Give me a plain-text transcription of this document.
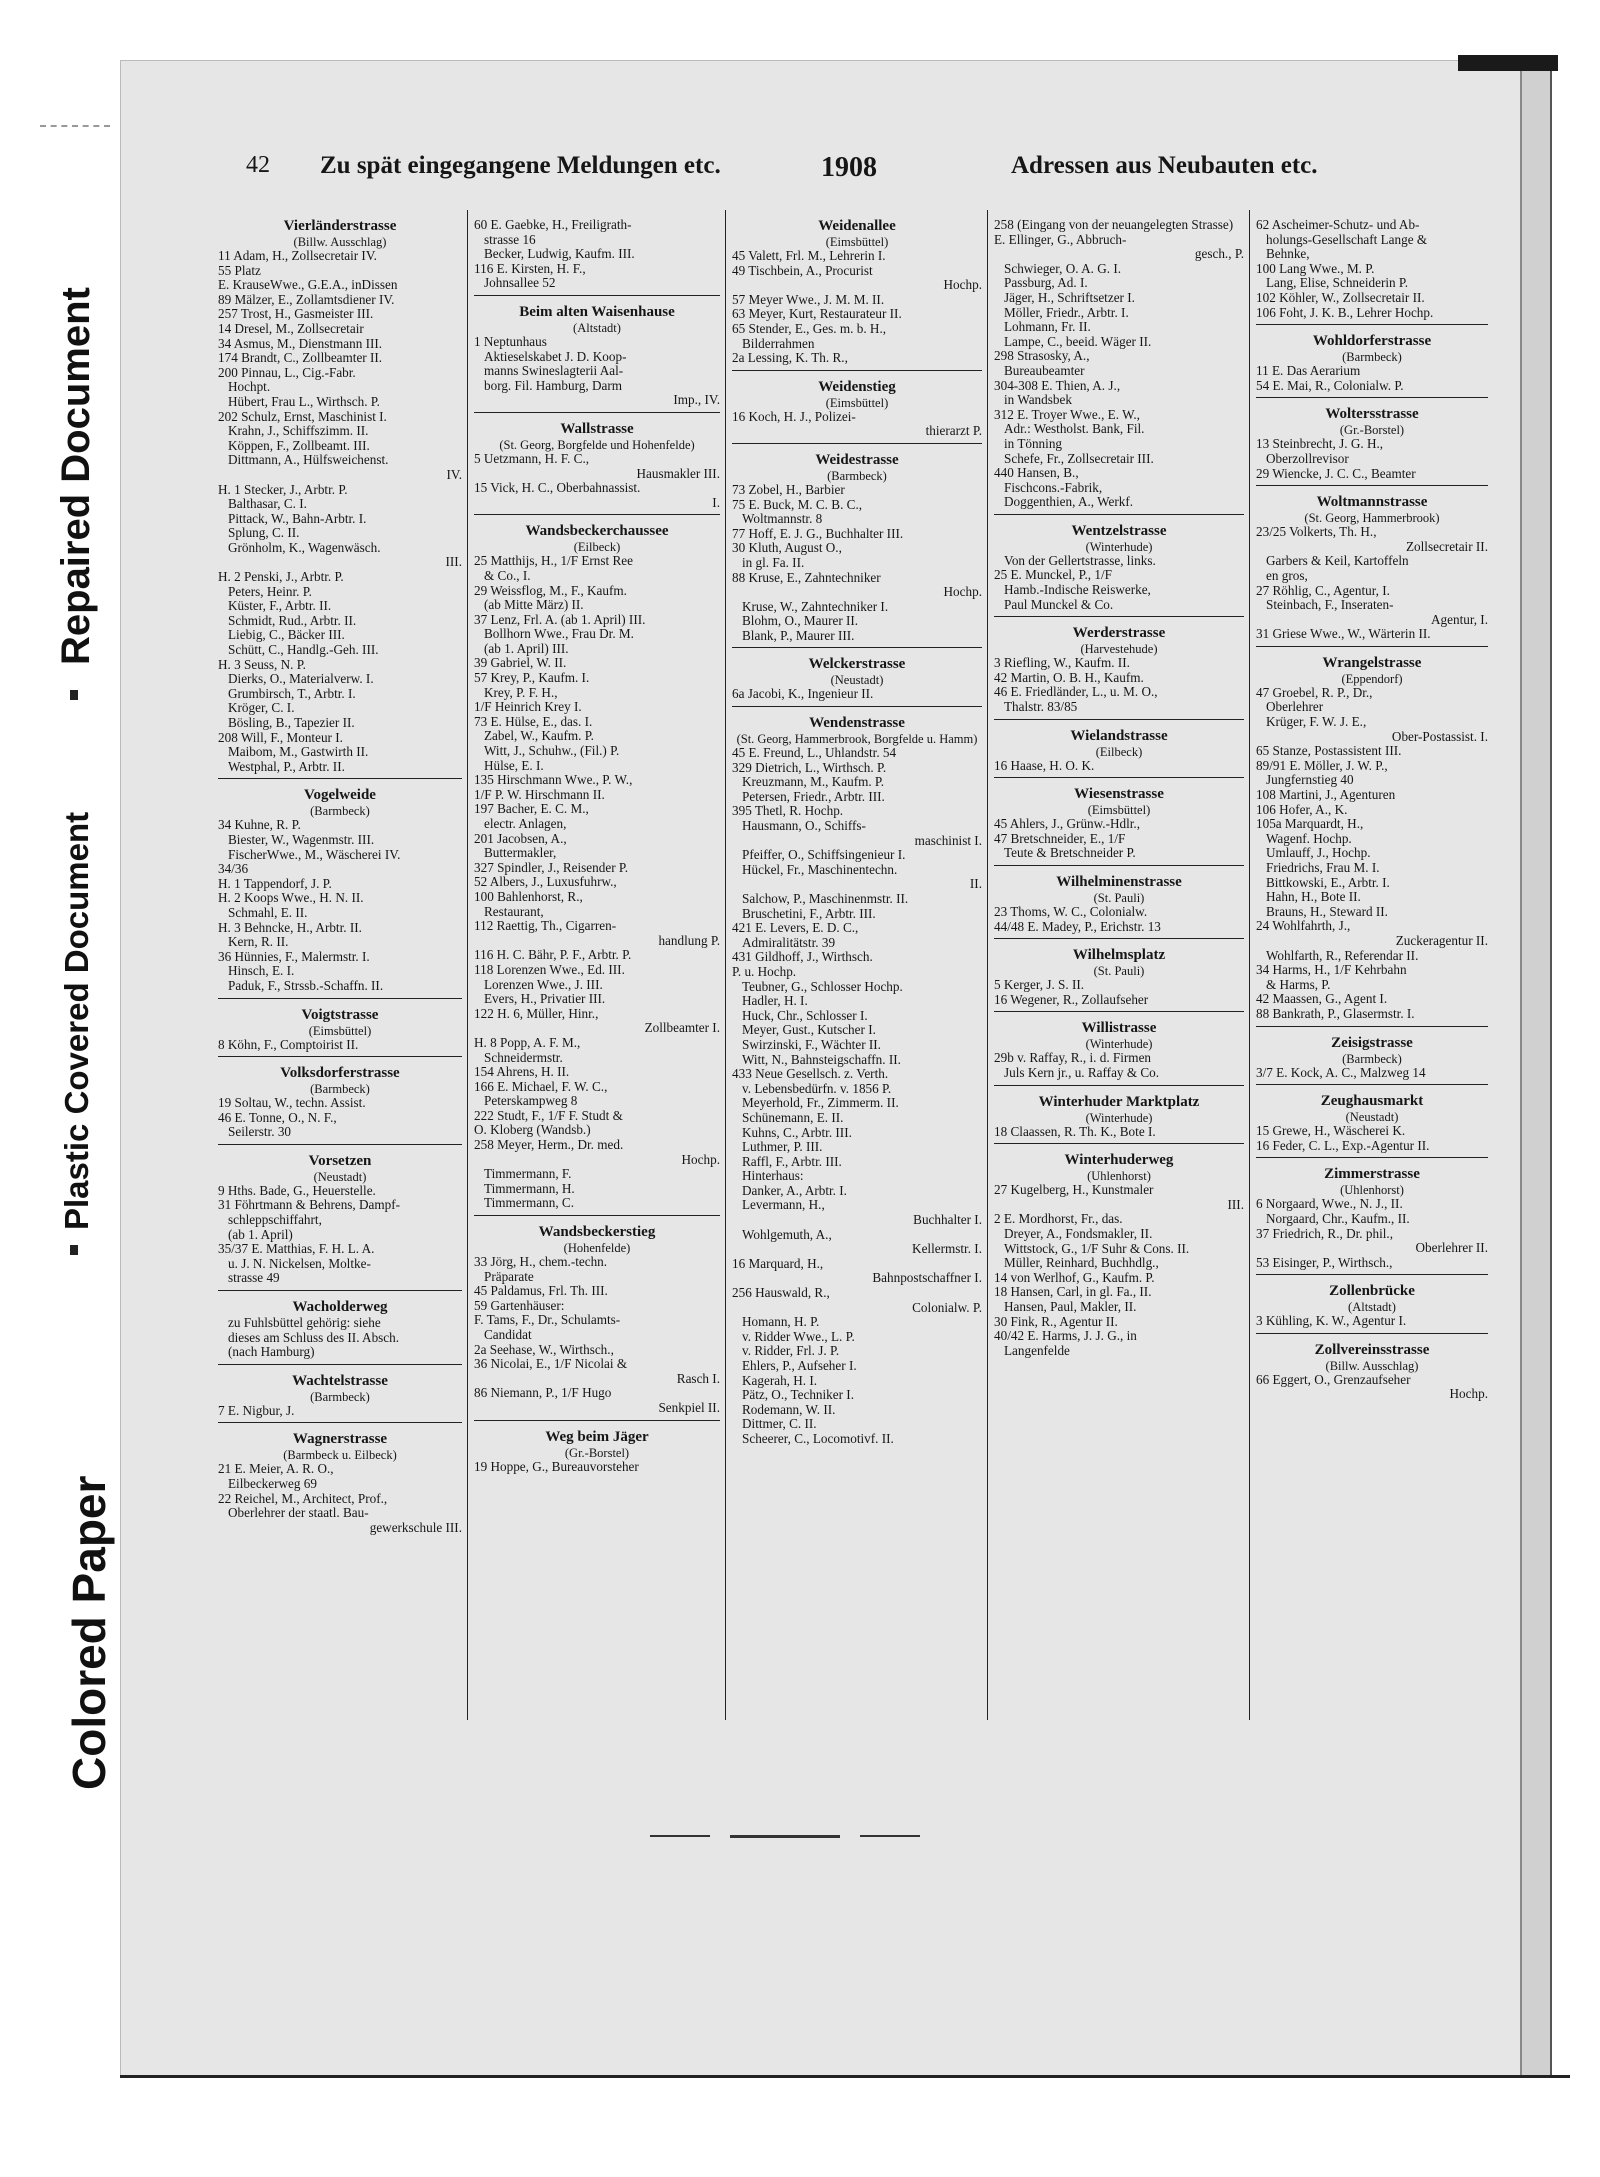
Colored Paper
Plastic Covered Document
Repaired Document
42 Zu spät eingegangene Meldungen etc.	1908	Adressen aus Neubauten etc.
Vierländerstrasse
(Billw. Ausschlag)
11 Adam, H., Zollsecretair IV.
55 Platz
E. KrauseWwe., G.E.A., inDissen
89 Mälzer, E., Zollamtsdiener IV.
257 Trost, H., Gasmeister III.
14 Dresel, M., Zollsecretair
34 Asmus, M., Dienstmann III.
174 Brandt, C., Zollbeamter II.
200 Pinnau, L., Cig.-Fabr.
Hochpt.
Hübert, Frau L., Wirthsch. P.
202 Schulz, Ernst, Maschinist I.
Krahn, J., Schiffszimm. II.
Köppen, F., Zollbeamt. III.
Dittmann, A., Hülfsweichenst.
IV.
H. 1 Stecker, J., Arbtr. P.
Balthasar, C. I.
Pittack, W., Bahn-Arbtr. I.
Splung, C. II.
Grönholm, K., Wagenwäsch.
III.
H. 2 Penski, J., Arbtr. P.
Peters, Heinr. P.
Küster, F., Arbtr. II.
Schmidt, Rud., Arbtr. II.
Liebig, C., Bäcker III.
Schütt, C., Handlg.-Geh. III.
H. 3 Seuss, N. P.
Dierks, O., Materialverw. I.
Grumbirsch, T., Arbtr. I.
Kröger, C. I.
Bösling, B., Tapezier II.
208 Will, F., Monteur I.
Maibom, M., Gastwirth II.
Westphal, P., Arbtr. II.
Vogelweide
(Barmbeck)
34 Kuhne, R. P.
Biester, W., Wagenmstr. III.
FischerWwe., M., Wäscherei IV.
34/36
H. 1 Tappendorf, J. P.
H. 2 Koops Wwe., H. N. II.
Schmahl, E. II.
H. 3 Behncke, H., Arbtr. II.
Kern, R. II.
36 Hünnies, F., Malermstr. I.
Hinsch, E. I.
Paduk, F., Strssb.-Schaffn. II.
Voigtstrasse
(Eimsbüttel)
8 Köhn, F., Comptoirist II.
Volksdorferstrasse
(Barmbeck)
19 Soltau, W., techn. Assist.
46 E. Tonne, O., N. F.,
Seilerstr. 30
Vorsetzen
(Neustadt)
9 Hths. Bade, G., Heuerstelle.
31 Föhrtmann & Behrens, Dampf-
schleppschiffahrt,
(ab 1. April)
35/37 E. Matthias, F. H. L. A.
u. J. N. Nickelsen, Moltke-
strasse 49
Wacholderweg
zu Fuhlsbüttel gehörig: siehe
dieses am Schluss des II. Absch.
(nach Hamburg)
Wachtelstrasse
(Barmbeck)
7 E. Nigbur, J.
Wagnerstrasse
(Barmbeck u. Eilbeck)
21 E. Meier, A. R. O.,
Eilbeckerweg 69
22 Reichel, M., Architect, Prof.,
Oberlehrer der staatl. Bau-
gewerkschule III.
60 E. Gaebke, H., Freiligrath-
strasse 16
Becker, Ludwig, Kaufm. III.
116 E. Kirsten, H. F.,
Johnsallee 52
Beim alten Waisenhause
(Altstadt)
1 Neptunhaus
Aktieselskabet J. D. Koop-
manns Swineslagterii Aal-
borg. Fil. Hamburg, Darm
Imp., IV.
Wallstrasse
(St. Georg, Borgfelde und Hohenfelde)
5 Uetzmann, H. F. C.,
Hausmakler III.
15 Vick, H. C., Oberbahnassist.
I.
Wandsbeckerchaussee
(Eilbeck)
25 Matthijs, H., 1/F Ernst Ree
& Co., I.
29 Weissflog, M., F., Kaufm.
(ab Mitte März) II.
37 Lenz, Frl. A. (ab 1. April) III.
Bollhorn Wwe., Frau Dr. M.
(ab 1. April) III.
39 Gabriel, W. II.
57 Krey, P., Kaufm. I.
Krey, P. F. H.,
1/F Heinrich Krey I.
73 E. Hülse, E., das. I.
Zabel, W., Kaufm. P.
Witt, J., Schuhw., (Fil.) P.
Hülse, E. I.
135 Hirschmann Wwe., P. W.,
1/F P. W. Hirschmann II.
197 Bacher, E. C. M.,
electr. Anlagen,
201 Jacobsen, A.,
Buttermakler,
327 Spindler, J., Reisender P.
52 Albers, J., Luxusfuhrw.,
100 Bahlenhorst, R.,
Restaurant,
112 Raettig, Th., Cigarren-
handlung P.
116 H. C. Bähr, P. F., Arbtr. P.
118 Lorenzen Wwe., Ed. III.
Lorenzen Wwe., J. III.
Evers, H., Privatier III.
122 H. 6, Müller, Hinr.,
Zollbeamter I.
H. 8 Popp, A. F. M.,
Schneidermstr.
154 Ahrens, H. II.
166 E. Michael, F. W. C.,
Peterskampweg 8
222 Studt, F., 1/F F. Studt &
O. Kloberg (Wandsb.)
258 Meyer, Herm., Dr. med.
Hochp.
Timmermann, F.
Timmermann, H.
Timmermann, C.
Wandsbeckerstieg
(Hohenfelde)
33 Jörg, H., chem.-techn.
Präparate
45 Paldamus, Frl. Th. III.
59 Gartenhäuser:
F. Tams, F., Dr., Schulamts-
Candidat
2a Seehase, W., Wirthsch.,
36 Nicolai, E., 1/F Nicolai &
Rasch I.
86 Niemann, P., 1/F Hugo
Senkpiel II.
Weg beim Jäger
(Gr.-Borstel)
19 Hoppe, G., Bureauvorsteher
Weidenallee
(Eimsbüttel)
45 Valett, Frl. M., Lehrerin I.
49 Tischbein, A., Procurist
Hochp.
57 Meyer Wwe., J. M. M. II.
63 Meyer, Kurt, Restaurateur II.
65 Stender, E., Ges. m. b. H.,
Bilderrahmen
2a Lessing, K. Th. R.,
Weidenstieg
(Eimsbüttel)
16 Koch, H. J., Polizei-
thierarzt P.
Weidestrasse
(Barmbeck)
73 Zobel, H., Barbier
75 E. Buck, M. C. B. C.,
Woltmannstr. 8
77 Hoff, E. J. G., Buchhalter III.
30 Kluth, August O.,
in gl. Fa. II.
88 Kruse, E., Zahntechniker
Hochp.
Kruse, W., Zahntechniker I.
Blohm, O., Maurer II.
Blank, P., Maurer III.
Welckerstrasse
(Neustadt)
6a Jacobi, K., Ingenieur II.
Wendenstrasse
(St. Georg, Hammerbrook, Borgfelde u. Hamm)
45 E. Freund, L., Uhlandstr. 54
329 Dietrich, L., Wirthsch. P.
Kreuzmann, M., Kaufm. P.
Petersen, Friedr., Arbtr. III.
395 Thetl, R. Hochp.
Hausmann, O., Schiffs-
maschinist I.
Pfeiffer, O., Schiffsingenieur I.
Hückel, Fr., Maschinentechn.
II.
Salchow, P., Maschinenmstr. II.
Bruschetini, F., Arbtr. III.
421 E. Levers, E. D. C.,
Admiralitätstr. 39
431 Gildhoff, J., Wirthsch.
P. u. Hochp.
Teubner, G., Schlosser Hochp.
Hadler, H. I.
Huck, Chr., Schlosser I.
Meyer, Gust., Kutscher I.
Swirzinski, F., Wächter II.
Witt, N., Bahnsteigschaffn. II.
433 Neue Gesellsch. z. Verth.
v. Lebensbedürfn. v. 1856 P.
Meyerhold, Fr., Zimmerm. II.
Schünemann, E. II.
Kuhns, C., Arbtr. III.
Luthmer, P. III.
Raffl, F., Arbtr. III.
Hinterhaus:
Danker, A., Arbtr. I.
Levermann, H.,
Buchhalter I.
Wohlgemuth, A.,
Kellermstr. I.
16 Marquard, H.,
Bahnpostschaffner I.
256 Hauswald, R.,
Colonialw. P.
Homann, H. P.
v. Ridder Wwe., L. P.
v. Ridder, Frl. J. P.
Ehlers, P., Aufseher I.
Kagerah, H. I.
Pätz, O., Techniker I.
Rodemann, W. II.
Dittmer, C. II.
Scheerer, C., Locomotivf. II.
258 (Eingang von der neuangelegten Strasse)
E. Ellinger, G., Abbruch-
gesch., P.
Schwieger, O. A. G. I.
Passburg, Ad. I.
Jäger, H., Schriftsetzer I.
Möller, Friedr., Arbtr. I.
Lohmann, Fr. II.
Lampe, C., beeid. Wäger II.
298 Strasosky, A.,
Bureaubeamter
304-308 E. Thien, A. J.,
in Wandsbek
312 E. Troyer Wwe., E. W.,
Adr.: Westholst. Bank, Fil.
in Tönning
Schefe, Fr., Zollsecretair III.
440 Hansen, B.,
Fischcons.-Fabrik,
Doggenthien, A., Werkf.
Wentzelstrasse
(Winterhude)
Von der Gellertstrasse, links.
25 E. Munckel, P., 1/F
Hamb.-Indische Reiswerke,
Paul Munckel & Co.
Werderstrasse
(Harvestehude)
3 Riefling, W., Kaufm. II.
42 Martin, O. B. H., Kaufm.
46 E. Friedländer, L., u. M. O.,
Thalstr. 83/85
Wielandstrasse
(Eilbeck)
16 Haase, H. O. K.
Wiesenstrasse
(Eimsbüttel)
45 Ahlers, J., Grünw.-Hdlr.,
47 Bretschneider, E., 1/F
Teute & Bretschneider P.
Wilhelminenstrasse
(St. Pauli)
23 Thoms, W. C., Colonialw.
44/48 E. Madey, P., Erichstr. 13
Wilhelmsplatz
(St. Pauli)
5 Kerger, J. S. II.
16 Wegener, R., Zollaufseher
Willistrasse
(Winterhude)
29b v. Raffay, R., i. d. Firmen
Juls Kern jr., u. Raffay & Co.
Winterhuder Marktplatz
(Winterhude)
18 Claassen, R. Th. K., Bote I.
Winterhuderweg
(Uhlenhorst)
27 Kugelberg, H., Kunstmaler
III.
2 E. Mordhorst, Fr., das.
Dreyer, A., Fondsmakler, II.
Wittstock, G., 1/F Suhr & Cons. II.
Müller, Reinhard, Buchhdlg.,
14 von Werlhof, G., Kaufm. P.
18 Hansen, Carl, in gl. Fa., II.
Hansen, Paul, Makler, II.
30 Fink, R., Agentur II.
40/42 E. Harms, J. J. G., in
Langenfelde
62 Ascheimer-Schutz- und Ab-
holungs-Gesellschaft Lange &
Behnke,
100 Lang Wwe., M. P.
Lang, Elise, Schneiderin P.
102 Köhler, W., Zollsecretair II.
106 Foht, J. K. B., Lehrer Hochp.
Wohldorferstrasse
(Barmbeck)
11 E. Das Aerarium
54 E. Mai, R., Colonialw. P.
Woltersstrasse
(Gr.-Borstel)
13 Steinbrecht, J. G. H.,
Oberzollrevisor
29 Wiencke, J. C. C., Beamter
Woltmannstrasse
(St. Georg, Hammerbrook)
23/25 Volkerts, Th. H.,
Zollsecretair II.
Garbers & Keil, Kartoffeln
en gros,
27 Röhlig, C., Agentur, I.
Steinbach, F., Inseraten-
Agentur, I.
31 Griese Wwe., W., Wärterin II.
Wrangelstrasse
(Eppendorf)
47 Groebel, R. P., Dr.,
Oberlehrer
Krüger, F. W. J. E.,
Ober-Postassist. I.
65 Stanze, Postassistent III.
89/91 E. Möller, J. W. P.,
Jungfernstieg 40
108 Martini, J., Agenturen
106 Hofer, A., K.
105a Marquardt, H.,
Wagenf. Hochp.
Umlauff, J., Hochp.
Friedrichs, Frau M. I.
Bittkowski, E., Arbtr. I.
Hahn, H., Bote II.
Brauns, H., Steward II.
24 Wohlfahrth, J.,
Zuckeragentur II.
Wohlfarth, R., Referendar II.
34 Harms, H., 1/F Kehrbahn
& Harms, P.
42 Maassen, G., Agent I.
88 Bankrath, P., Glasermstr. I.
Zeisigstrasse
(Barmbeck)
3/7 E. Kock, A. C., Malzweg 14
Zeughausmarkt
(Neustadt)
15 Grewe, H., Wäscherei K.
16 Feder, C. L., Exp.-Agentur II.
Zimmerstrasse
(Uhlenhorst)
6 Norgaard, Wwe., N. J., II.
Norgaard, Chr., Kaufm., II.
37 Friedrich, R., Dr. phil.,
Oberlehrer II.
53 Eisinger, P., Wirthsch.,
Zollenbrücke
(Altstadt)
3 Kühling, K. W., Agentur I.
Zollvereinsstrasse
(Billw. Ausschlag)
66 Eggert, O., Grenzaufseher
Hochp.
